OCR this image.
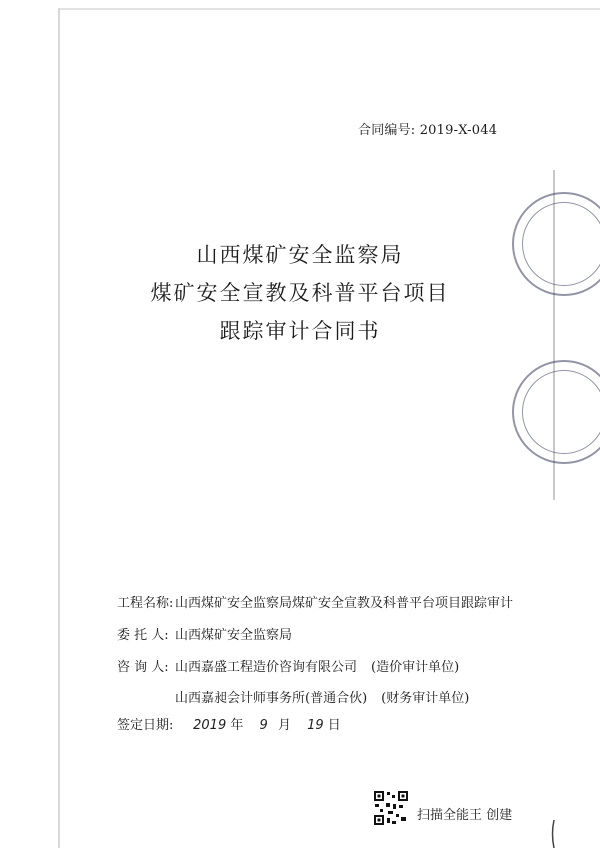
合同编号: 2019-X-044
山西煤矿安全监察局
煤矿安全宣教及科普平台项目
跟踪审计合同书
工程名称: 山西煤矿安全监察局煤矿安全宣教及科普平台项目跟踪审计
委 托 人: 山西煤矿安全监察局
咨 询 人: 山西嘉盛工程造价咨询有限公司 (造价审计单位)
山西嘉昶会计师事务所(普通合伙) (财务审计单位)
签定日期: 2019 年 9 月 19 日
扫描全能王 创建
